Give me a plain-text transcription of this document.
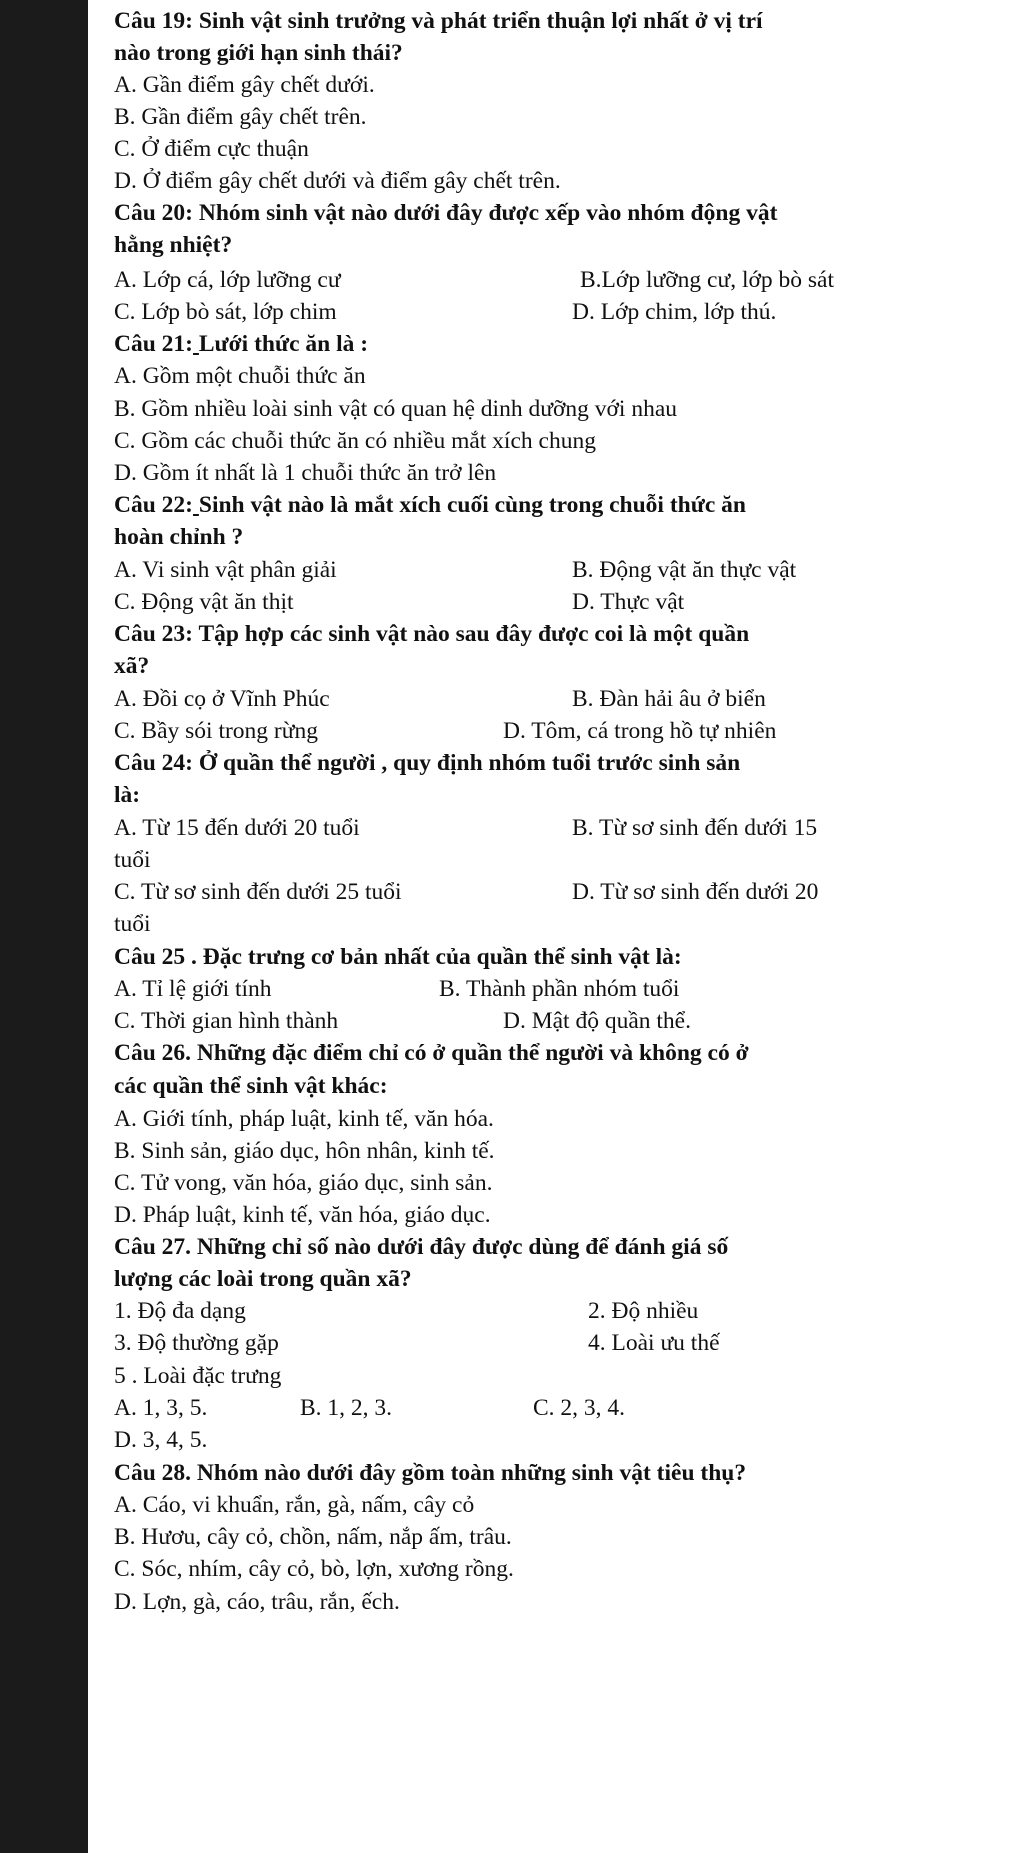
Câu 19: Sinh vật sinh trưởng và phát triển thuận lợi nhất ở vị trí
nào trong giới hạn sinh thái?
A. Gần điểm gây chết dưới.
B. Gần điểm gây chết trên.
C. Ở điểm cực thuận
D. Ở điểm gây chết dưới và điểm gây chết trên.
Câu 20: Nhóm sinh vật nào dưới đây được xếp vào nhóm động vật
hằng nhiệt?
A. Lớp cá, lớp lưỡng cư	B.Lớp lưỡng cư, lớp bò sát
C. Lớp bò sát, lớp chim	D. Lớp chim, lớp thú.
Câu 21: Lưới thức ăn là :
A. Gồm một chuỗi thức ăn
B. Gồm nhiều loài sinh vật có quan hệ dinh dưỡng với nhau
C. Gồm các chuỗi thức ăn có nhiều mắt xích chung
D. Gồm ít nhất là 1 chuỗi thức ăn trở lên
Câu 22: Sinh vật nào là mắt xích cuối cùng trong chuỗi thức ăn
hoàn chỉnh ?
A. Vi sinh vật phân giải	B. Động vật ăn thực vật
C. Động vật ăn thịt	D. Thực vật
Câu 23: Tập hợp các sinh vật nào sau đây được coi là một quần
xã?
A. Đồi cọ ở Vĩnh Phúc	B. Đàn hải âu ở biển
C. Bầy sói trong rừng	D. Tôm, cá trong hồ tự nhiên
Câu 24: Ở quần thể người , quy định nhóm tuổi trước sinh sản
là:
A. Từ 15 đến dưới 20 tuổi	B. Từ sơ sinh đến dưới 15
tuổi
C. Từ sơ sinh đến dưới 25 tuổi	D. Từ sơ sinh đến dưới 20
tuổi
Câu 25 . Đặc trưng cơ bản nhất của quần thể sinh vật là:
A. Tỉ lệ giới tính	B. Thành phần nhóm tuổi
C. Thời gian hình thành	D. Mật độ quần thể.
Câu 26. Những đặc điểm chỉ có ở quần thể người và không có ở
các quần thể sinh vật khác:
A. Giới tính, pháp luật, kinh tế, văn hóa.
B. Sinh sản, giáo dục, hôn nhân, kinh tế.
C. Tử vong, văn hóa, giáo dục, sinh sản.
D. Pháp luật, kinh tế, văn hóa, giáo dục.
Câu 27. Những chỉ số nào dưới đây được dùng để đánh giá số
lượng các loài trong quần xã?
1. Độ đa dạng	2. Độ nhiều
3. Độ thường gặp	4. Loài ưu thế
5 . Loài đặc trưng
A. 1, 3, 5.	B. 1, 2, 3.	C. 2, 3, 4.
D. 3, 4, 5.
Câu 28. Nhóm nào dưới đây gồm toàn những sinh vật tiêu thụ?
A. Cáo, vi khuẩn, rắn, gà, nấm, cây cỏ
B. Hươu, cây cỏ, chồn, nấm, nắp ấm, trâu.
C. Sóc, nhím, cây cỏ, bò, lợn, xương rồng.
D. Lợn, gà, cáo, trâu, rắn, ếch.
